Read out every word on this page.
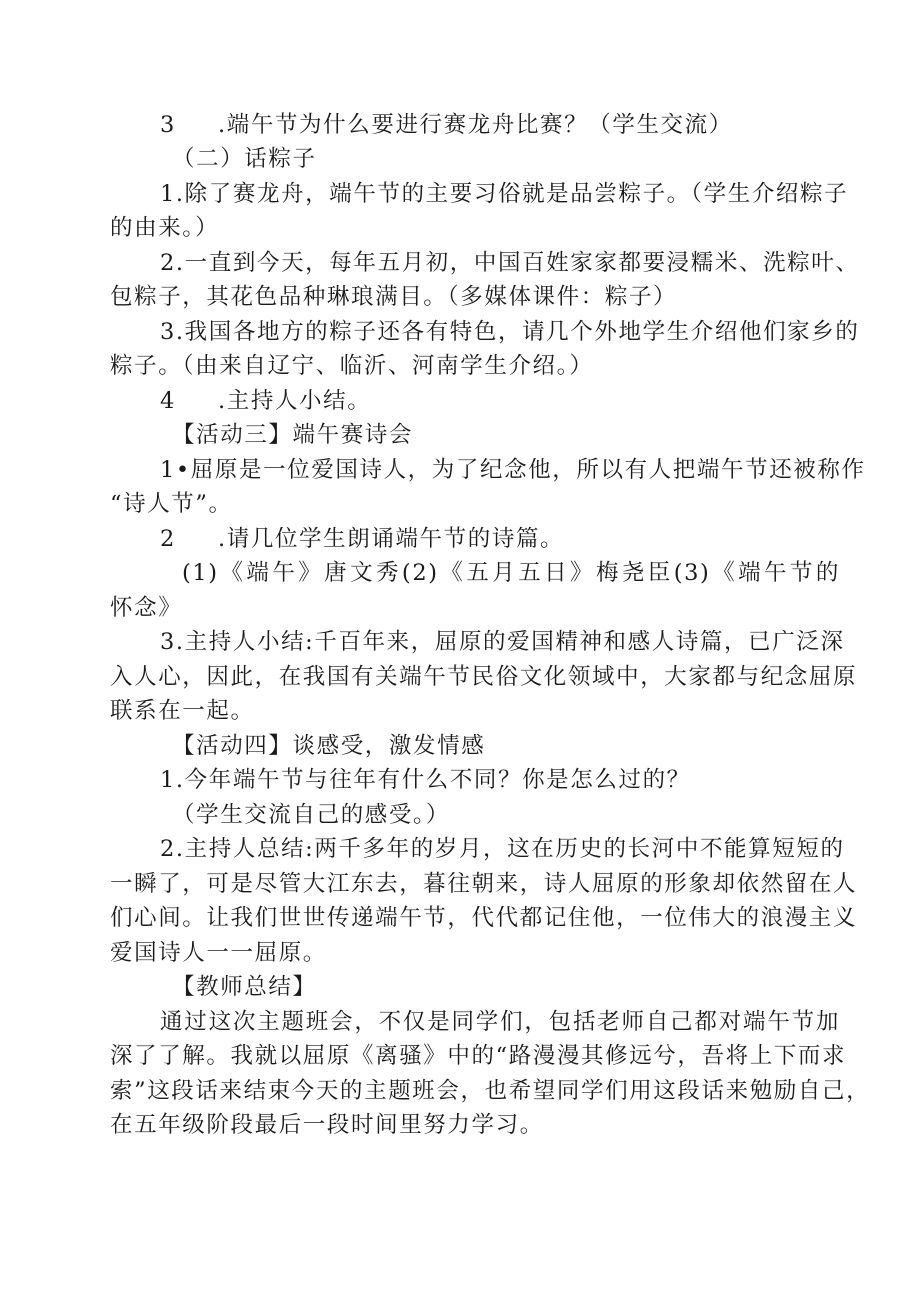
3 .端午节为什么要进行赛龙舟比赛？（学生交流）
（二）话粽子
1.除了赛龙舟，端午节的主要习俗就是品尝粽子。（学生介绍粽子
的由来。）
2.一直到今天，每年五月初，中国百姓家家都要浸糯米、洗粽叶、
包粽子，其花色品种琳琅满目。（多媒体课件：粽子）
3.我国各地方的粽子还各有特色，请几个外地学生介绍他们家乡的
粽子。（由来自辽宁、临沂、河南学生介绍。）
4 .主持人小结。
【活动三】端午赛诗会
1•屈原是一位爱国诗人，为了纪念他，所以有人把端午节还被称作
“诗人节”。
2 .请几位学生朗诵端午节的诗篇。
(1)《端午》唐文秀(2)《五月五日》梅尧臣(3)《端午节的
怀念》
3.主持人小结:千百年来，屈原的爱国精神和感人诗篇，已广泛深
入人心，因此，在我国有关端午节民俗文化领域中，大家都与纪念屈原
联系在一起。
【活动四】谈感受，激发情感
1.今年端午节与往年有什么不同？你是怎么过的？
（学生交流自己的感受。）
2.主持人总结:两千多年的岁月，这在历史的长河中不能算短短的
一瞬了，可是尽管大江东去，暮往朝来，诗人屈原的形象却依然留在人
们心间。让我们世世传递端午节，代代都记住他，一位伟大的浪漫主义
爱国诗人一一屈原。
【教师总结】
通过这次主题班会，不仅是同学们，包括老师自己都对端午节加
深了了解。我就以屈原《离骚》中的“路漫漫其修远兮，吾将上下而求
索”这段话来结束今天的主题班会，也希望同学们用这段话来勉励自己，
在五年级阶段最后一段时间里努力学习。
